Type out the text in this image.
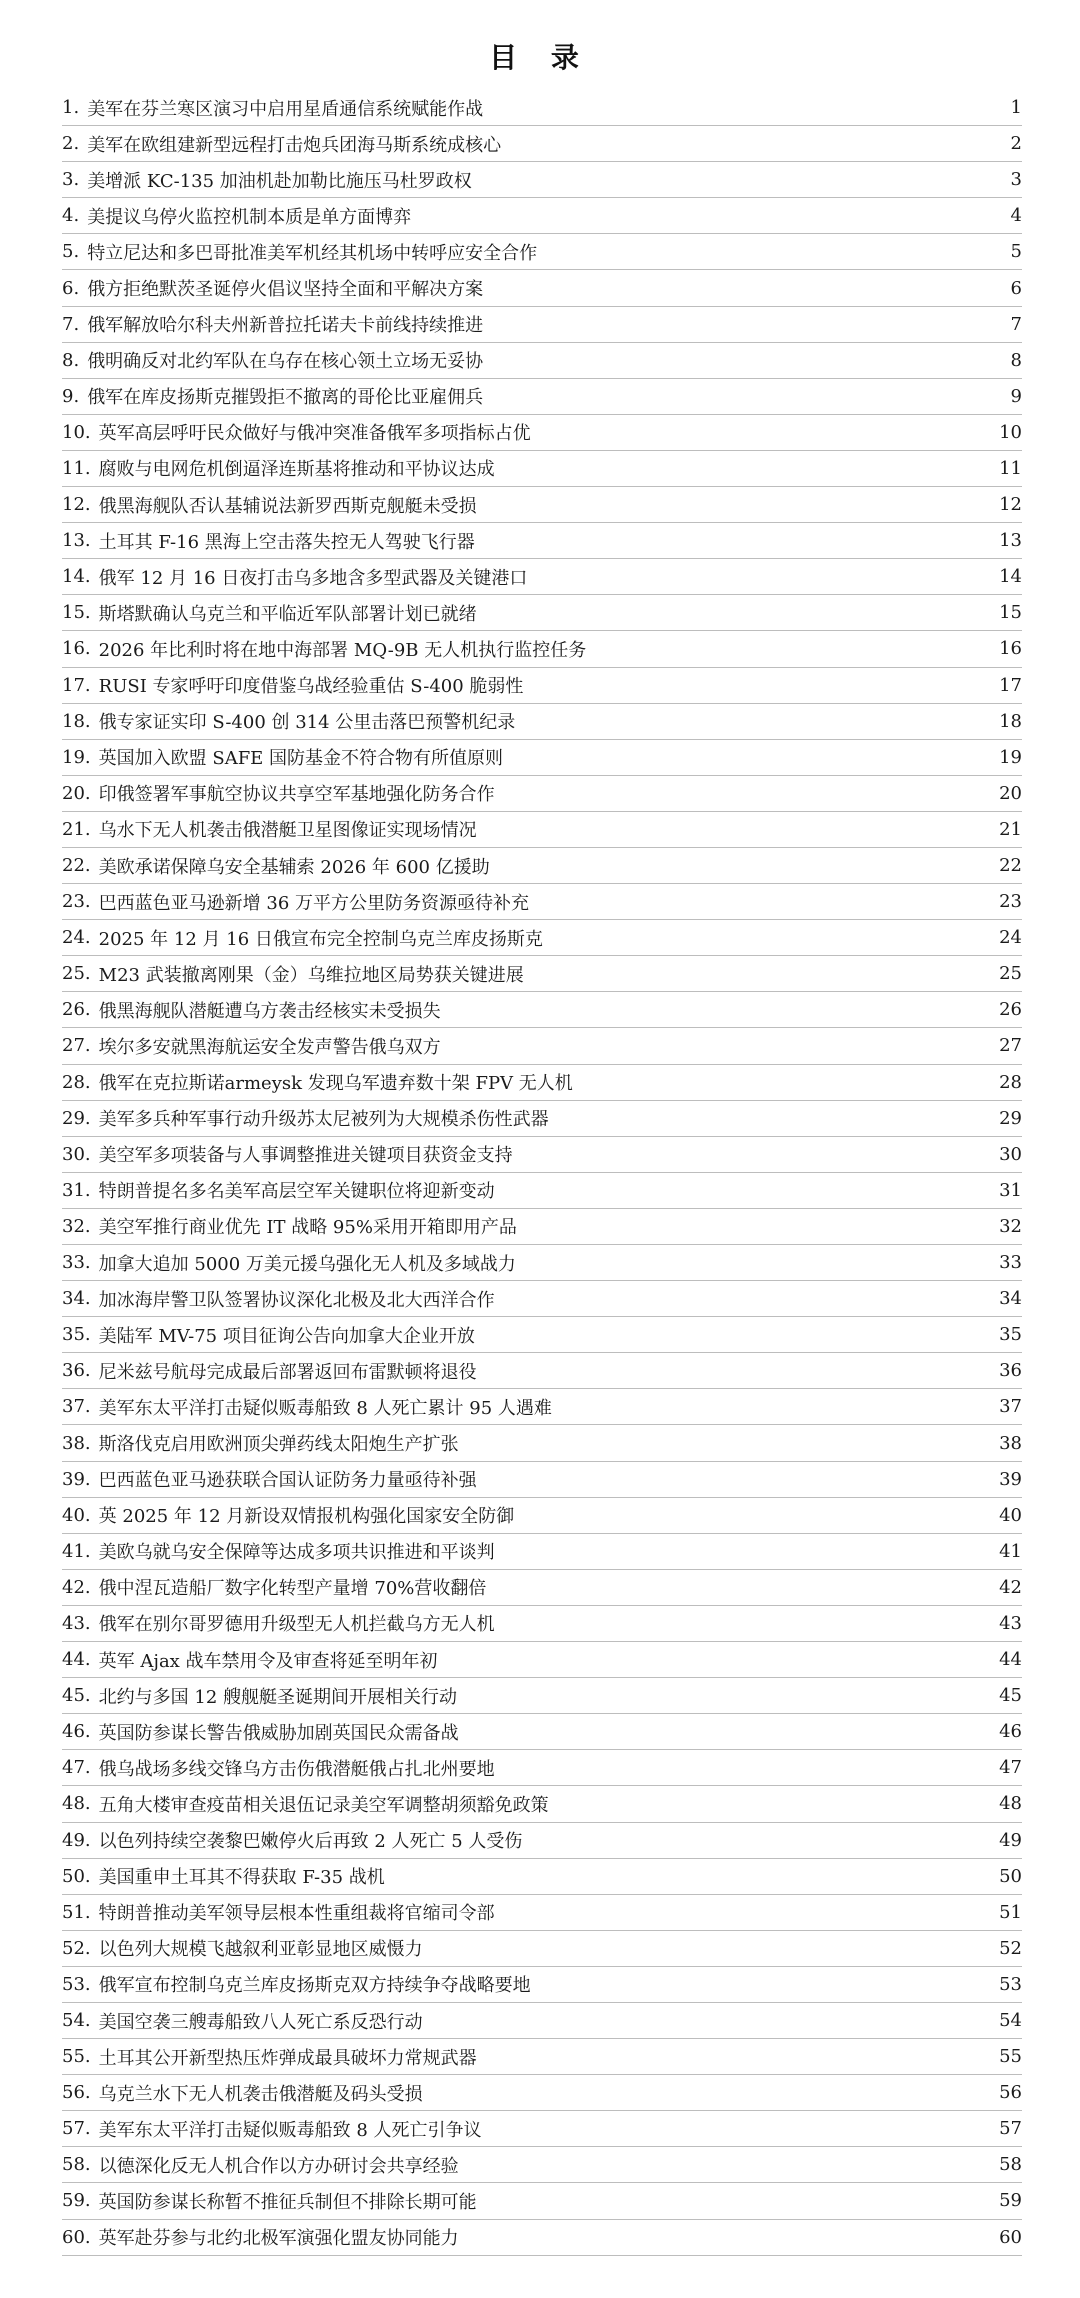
目 录
1. 美军在芬兰寒区演习中启用星盾通信系统赋能作战	1
2. 美军在欧组建新型远程打击炮兵团海马斯系统成核心	2
3. 美增派 KC-135 加油机赴加勒比施压马杜罗政权	3
4. 美提议乌停火监控机制本质是单方面博弈	4
5. 特立尼达和多巴哥批准美军机经其机场中转呼应安全合作	5
6. 俄方拒绝默茨圣诞停火倡议坚持全面和平解决方案	6
7. 俄军解放哈尔科夫州新普拉托诺夫卡前线持续推进	7
8. 俄明确反对北约军队在乌存在核心领土立场无妥协	8
9. 俄军在库皮扬斯克摧毁拒不撤离的哥伦比亚雇佣兵	9
10. 英军高层呼吁民众做好与俄冲突准备俄军多项指标占优	10
11. 腐败与电网危机倒逼泽连斯基将推动和平协议达成	11
12. 俄黑海舰队否认基辅说法新罗西斯克舰艇未受损	12
13. 土耳其 F-16 黑海上空击落失控无人驾驶飞行器	13
14. 俄军 12 月 16 日夜打击乌多地含多型武器及关键港口	14
15. 斯塔默确认乌克兰和平临近军队部署计划已就绪	15
16. 2026 年比利时将在地中海部署 MQ-9B 无人机执行监控任务	16
17. RUSI 专家呼吁印度借鉴乌战经验重估 S-400 脆弱性	17
18. 俄专家证实印 S-400 创 314 公里击落巴预警机纪录	18
19. 英国加入欧盟 SAFE 国防基金不符合物有所值原则	19
20. 印俄签署军事航空协议共享空军基地强化防务合作	20
21. 乌水下无人机袭击俄潜艇卫星图像证实现场情况	21
22. 美欧承诺保障乌安全基辅索 2026 年 600 亿援助	22
23. 巴西蓝色亚马逊新增 36 万平方公里防务资源亟待补充	23
24. 2025 年 12 月 16 日俄宣布完全控制乌克兰库皮扬斯克	24
25. M23 武装撤离刚果（金）乌维拉地区局势获关键进展	25
26. 俄黑海舰队潜艇遭乌方袭击经核实未受损失	26
27. 埃尔多安就黑海航运安全发声警告俄乌双方	27
28. 俄军在克拉斯诺armeysk 发现乌军遗弃数十架 FPV 无人机	28
29. 美军多兵种军事行动升级苏太尼被列为大规模杀伤性武器	29
30. 美空军多项装备与人事调整推进关键项目获资金支持	30
31. 特朗普提名多名美军高层空军关键职位将迎新变动	31
32. 美空军推行商业优先 IT 战略 95%采用开箱即用产品	32
33. 加拿大追加 5000 万美元援乌强化无人机及多域战力	33
34. 加冰海岸警卫队签署协议深化北极及北大西洋合作	34
35. 美陆军 MV-75 项目征询公告向加拿大企业开放	35
36. 尼米兹号航母完成最后部署返回布雷默顿将退役	36
37. 美军东太平洋打击疑似贩毒船致 8 人死亡累计 95 人遇难	37
38. 斯洛伐克启用欧洲顶尖弹药线太阳炮生产扩张	38
39. 巴西蓝色亚马逊获联合国认证防务力量亟待补强	39
40. 英 2025 年 12 月新设双情报机构强化国家安全防御	40
41. 美欧乌就乌安全保障等达成多项共识推进和平谈判	41
42. 俄中涅瓦造船厂数字化转型产量增 70%营收翻倍	42
43. 俄军在别尔哥罗德用升级型无人机拦截乌方无人机	43
44. 英军 Ajax 战车禁用令及审查将延至明年初	44
45. 北约与多国 12 艘舰艇圣诞期间开展相关行动	45
46. 英国防参谋长警告俄威胁加剧英国民众需备战	46
47. 俄乌战场多线交锋乌方击伤俄潜艇俄占扎北州要地	47
48. 五角大楼审查疫苗相关退伍记录美空军调整胡须豁免政策	48
49. 以色列持续空袭黎巴嫩停火后再致 2 人死亡 5 人受伤	49
50. 美国重申土耳其不得获取 F-35 战机	50
51. 特朗普推动美军领导层根本性重组裁将官缩司令部	51
52. 以色列大规模飞越叙利亚彰显地区威慑力	52
53. 俄军宣布控制乌克兰库皮扬斯克双方持续争夺战略要地	53
54. 美国空袭三艘毒船致八人死亡系反恐行动	54
55. 土耳其公开新型热压炸弹成最具破坏力常规武器	55
56. 乌克兰水下无人机袭击俄潜艇及码头受损	56
57. 美军东太平洋打击疑似贩毒船致 8 人死亡引争议	57
58. 以德深化反无人机合作以方办研讨会共享经验	58
59. 英国防参谋长称暂不推征兵制但不排除长期可能	59
60. 英军赴芬参与北约北极军演强化盟友协同能力	60
